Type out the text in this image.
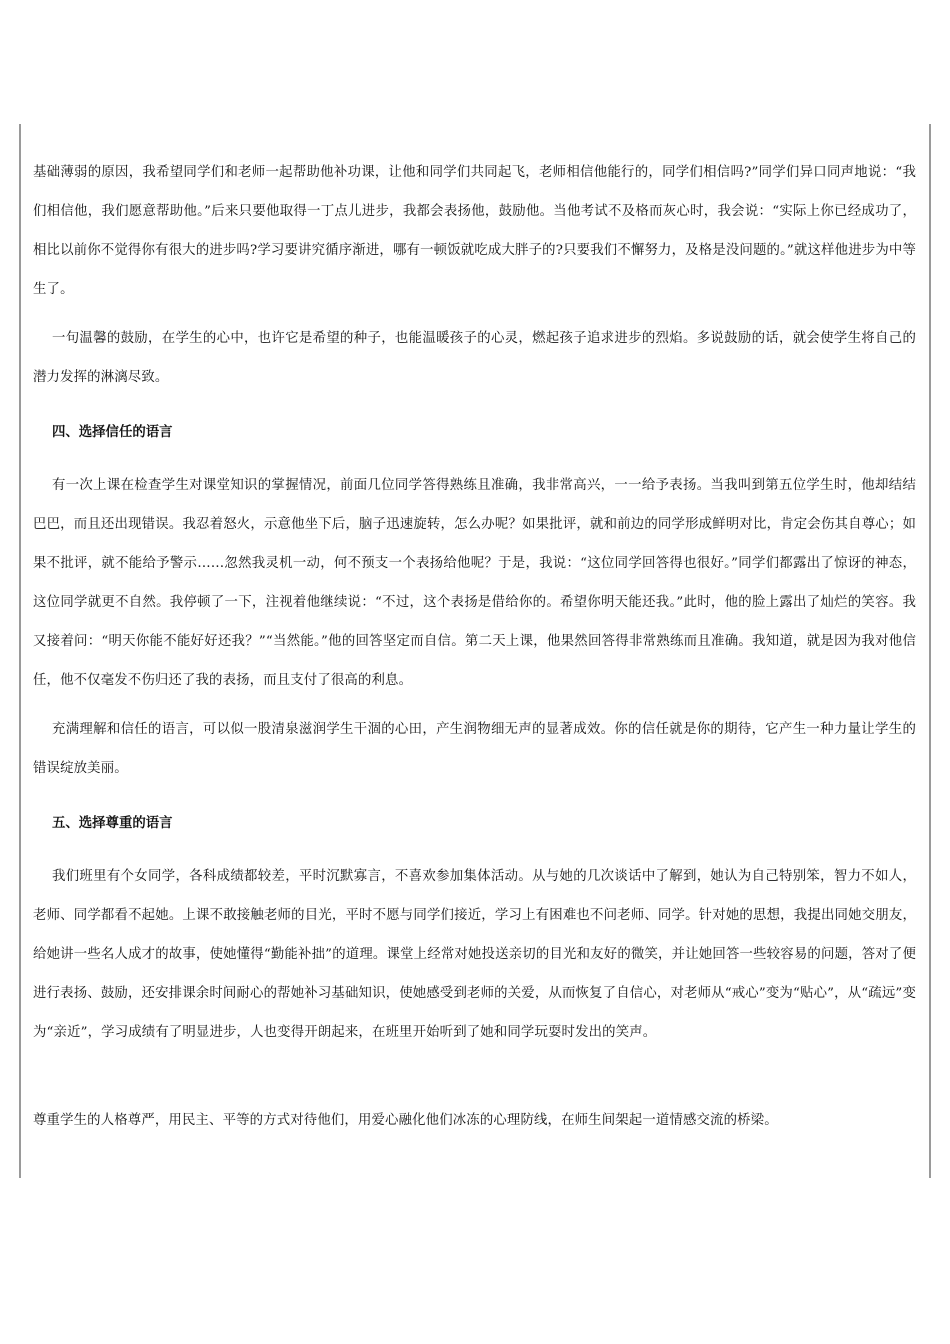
基础薄弱的原因，我希望同学们和老师一起帮助他补功课，让他和同学们共同起飞，老师相信他能行的，同学们相信吗?”同学们异口同声地说：“我们相信他，我们愿意帮助他。”后来只要他取得一丁点儿进步，我都会表扬他，鼓励他。当他考试不及格而灰心时，我会说：“实际上你已经成功了，相比以前你不觉得你有很大的进步吗?学习要讲究循序渐进，哪有一顿饭就吃成大胖子的?只要我们不懈努力，及格是没问题的。”就这样他进步为中等生了。

一句温馨的鼓励，在学生的心中，也许它是希望的种子，也能温暖孩子的心灵，燃起孩子追求进步的烈焰。多说鼓励的话，就会使学生将自己的潜力发挥的淋漓尽致。

四、选择信任的语言

有一次上课在检查学生对课堂知识的掌握情况，前面几位同学答得熟练且准确，我非常高兴，一一给予表扬。当我叫到第五位学生时，他却结结巴巴，而且还出现错误。我忍着怒火，示意他坐下后，脑子迅速旋转，怎么办呢？如果批评，就和前边的同学形成鲜明对比，肯定会伤其自尊心；如果不批评，就不能给予警示……忽然我灵机一动，何不预支一个表扬给他呢？于是，我说：“这位同学回答得也很好。”同学们都露出了惊讶的神态，这位同学就更不自然。我停顿了一下，注视着他继续说：“不过，这个表扬是借给你的。希望你明天能还我。”此时，他的脸上露出了灿烂的笑容。我又接着问：“明天你能不能好好还我？”“当然能。”他的回答坚定而自信。第二天上课，他果然回答得非常熟练而且准确。我知道，就是因为我对他信任，他不仅毫发不伤归还了我的表扬，而且支付了很高的利息。

充满理解和信任的语言，可以似一股清泉滋润学生干涸的心田，产生润物细无声的显著成效。你的信任就是你的期待，它产生一种力量让学生的错误绽放美丽。

五、选择尊重的语言

我们班里有个女同学，各科成绩都较差，平时沉默寡言，不喜欢参加集体活动。从与她的几次谈话中了解到，她认为自己特别笨，智力不如人，老师、同学都看不起她。上课不敢接触老师的目光，平时不愿与同学们接近，学习上有困难也不问老师、同学。针对她的思想，我提出同她交朋友，给她讲一些名人成才的故事，使她懂得“勤能补拙”的道理。课堂上经常对她投送亲切的目光和友好的微笑，并让她回答一些较容易的问题，答对了便进行表扬、鼓励，还安排课余时间耐心的帮她补习基础知识，使她感受到老师的关爱，从而恢复了自信心，对老师从“戒心”变为“贴心”，从“疏远”变为“亲近”，学习成绩有了明显进步，人也变得开朗起来，在班里开始听到了她和同学玩耍时发出的笑声。

尊重学生的人格尊严，用民主、平等的方式对待他们，用爱心融化他们冰冻的心理防线，在师生间架起一道情感交流的桥梁。
